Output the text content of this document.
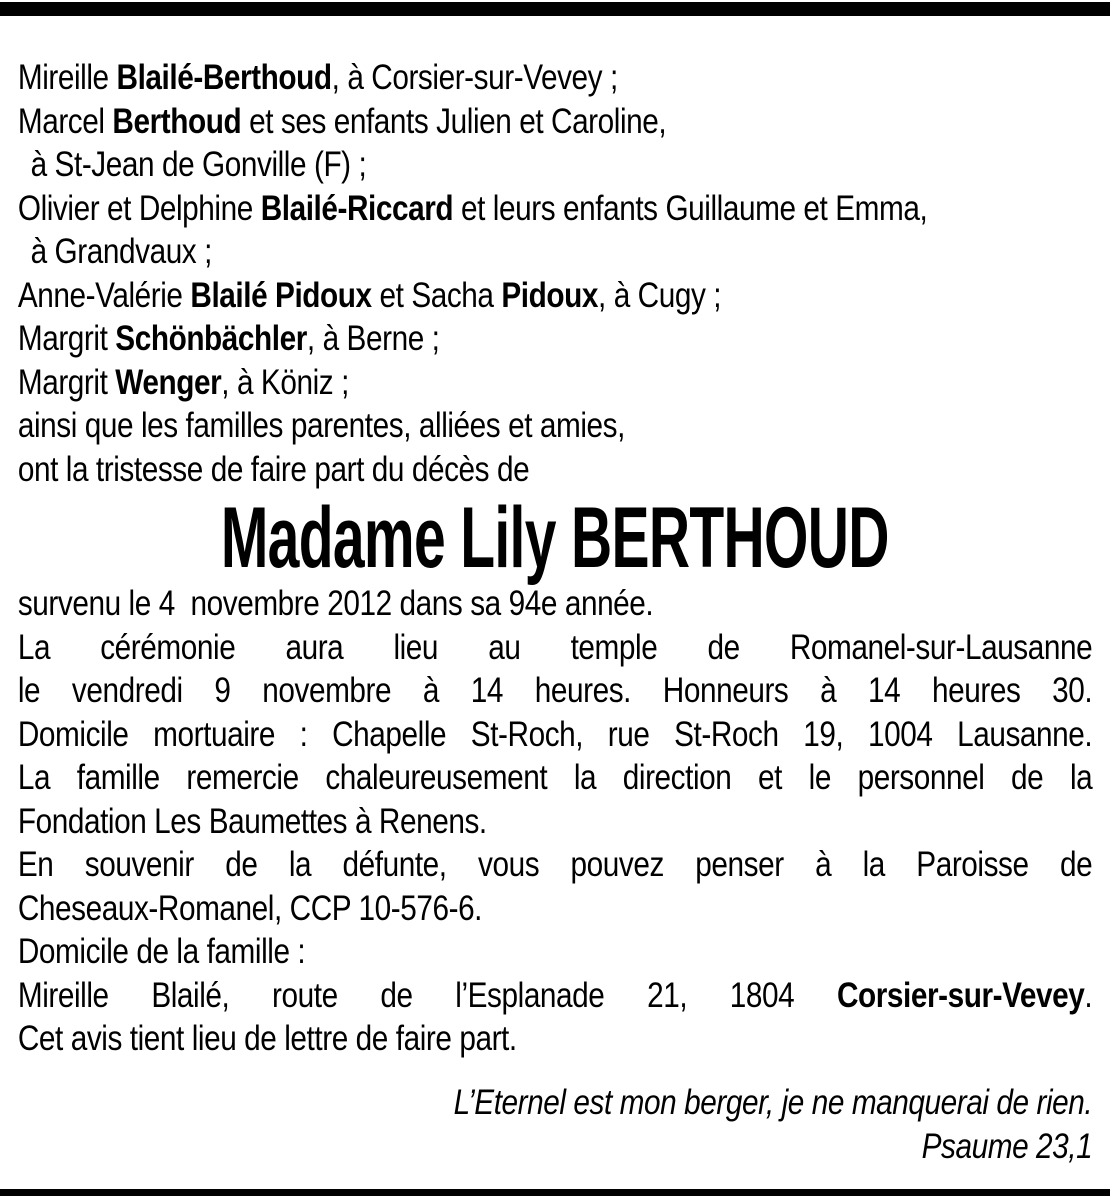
Mireille Blailé-Berthoud, à Corsier-sur-Vevey ;
Marcel Berthoud et ses enfants Julien et Caroline,
à St-Jean de Gonville (F) ;
Olivier et Delphine Blailé-Riccard et leurs enfants Guillaume et Emma,
à Grandvaux ;
Anne-Valérie Blailé Pidoux et Sacha Pidoux, à Cugy ;
Margrit Schönbächler, à Berne ;
Margrit Wenger, à Köniz ;
ainsi que les familles parentes, alliées et amies,
ont la tristesse de faire part du décès de
Madame Lily BERTHOUD
survenu le 4  novembre 2012 dans sa 94e année.
La cérémonie aura lieu au temple de Romanel-sur-Lausanne
le vendredi 9 novembre à 14 heures. Honneurs à 14 heures 30.
Domicile mortuaire : Chapelle St-Roch, rue St-Roch 19, 1004 Lausanne.
La famille remercie chaleureusement la direction et le personnel de la
Fondation Les Baumettes à Renens.
En souvenir de la défunte, vous pouvez penser à la Paroisse de
Cheseaux-Romanel, CCP 10-576-6.
Domicile de la famille :
Mireille Blailé, route de l’Esplanade 21, 1804 Corsier-sur-Vevey.
Cet avis tient lieu de lettre de faire part.
L’Eternel est mon berger, je ne manquerai de rien.
Psaume 23,1
